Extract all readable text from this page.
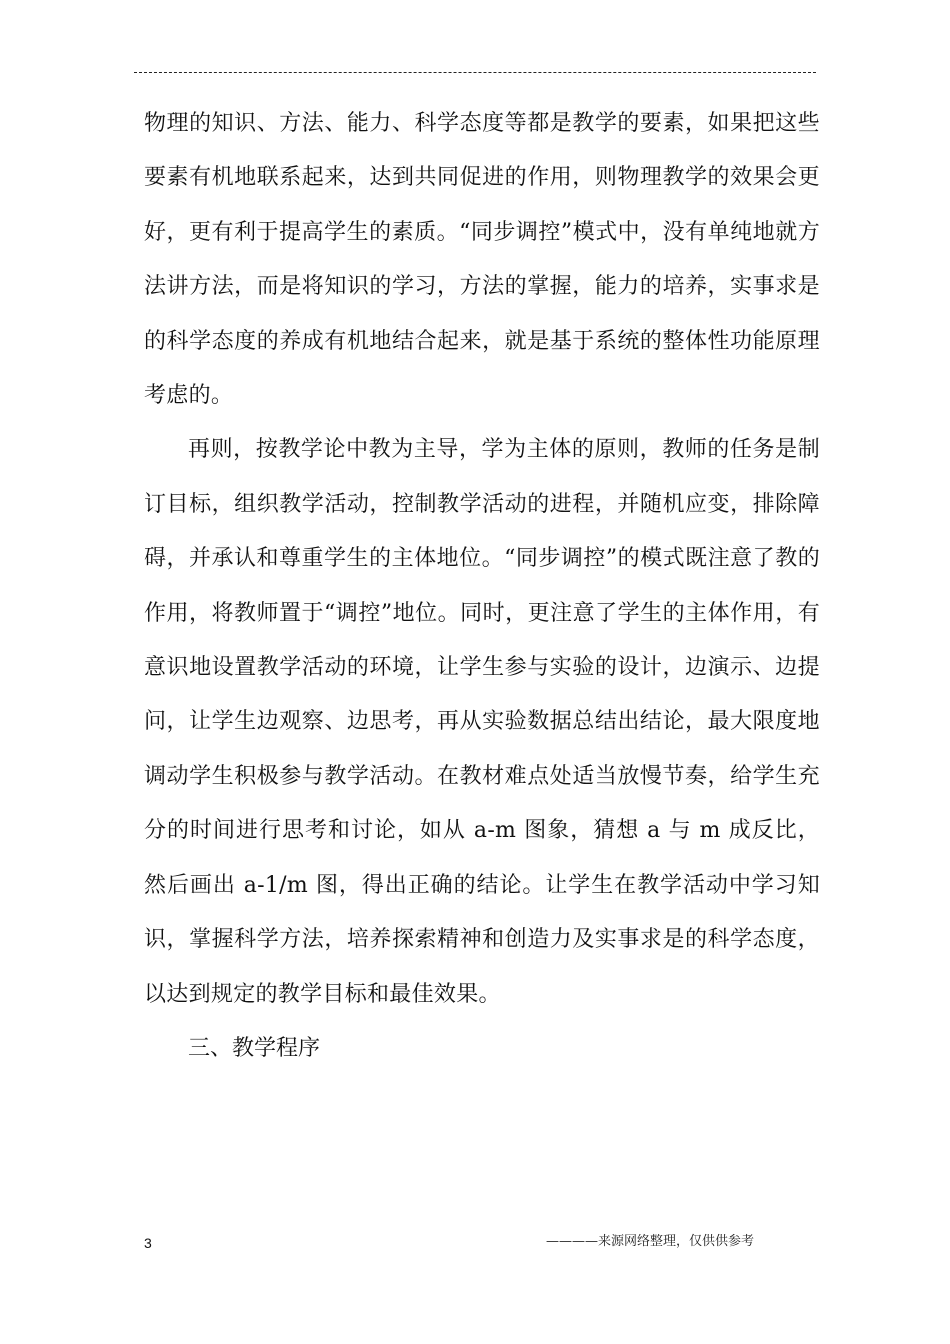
物理的知识、方法、能力、科学态度等都是教学的要素，如果把这些要素有机地联系起来，达到共同促进的作用，则物理教学的效果会更好，更有利于提高学生的素质。“同步调控”模式中，没有单纯地就方法讲方法，而是将知识的学习，方法的掌握，能力的培养，实事求是的科学态度的养成有机地结合起来，就是基于系统的整体性功能原理考虑的。

再则，按教学论中教为主导，学为主体的原则，教师的任务是制订目标，组织教学活动，控制教学活动的进程，并随机应变，排除障碍，并承认和尊重学生的主体地位。“同步调控”的模式既注意了教的作用，将教师置于“调控”地位。同时，更注意了学生的主体作用，有意识地设置教学活动的环境，让学生参与实验的设计，边演示、边提问，让学生边观察、边思考，再从实验数据总结出结论，最大限度地调动学生积极参与教学活动。在教材难点处适当放慢节奏，给学生充分的时间进行思考和讨论，如从 a-m 图象，猜想 a 与 m 成反比，然后画出 a-1/m 图，得出正确的结论。让学生在教学活动中学习知识，掌握科学方法，培养探索精神和创造力及实事求是的科学态度，以达到规定的教学目标和最佳效果。

三、教学程序

3	————来源网络整理，仅供供参考
